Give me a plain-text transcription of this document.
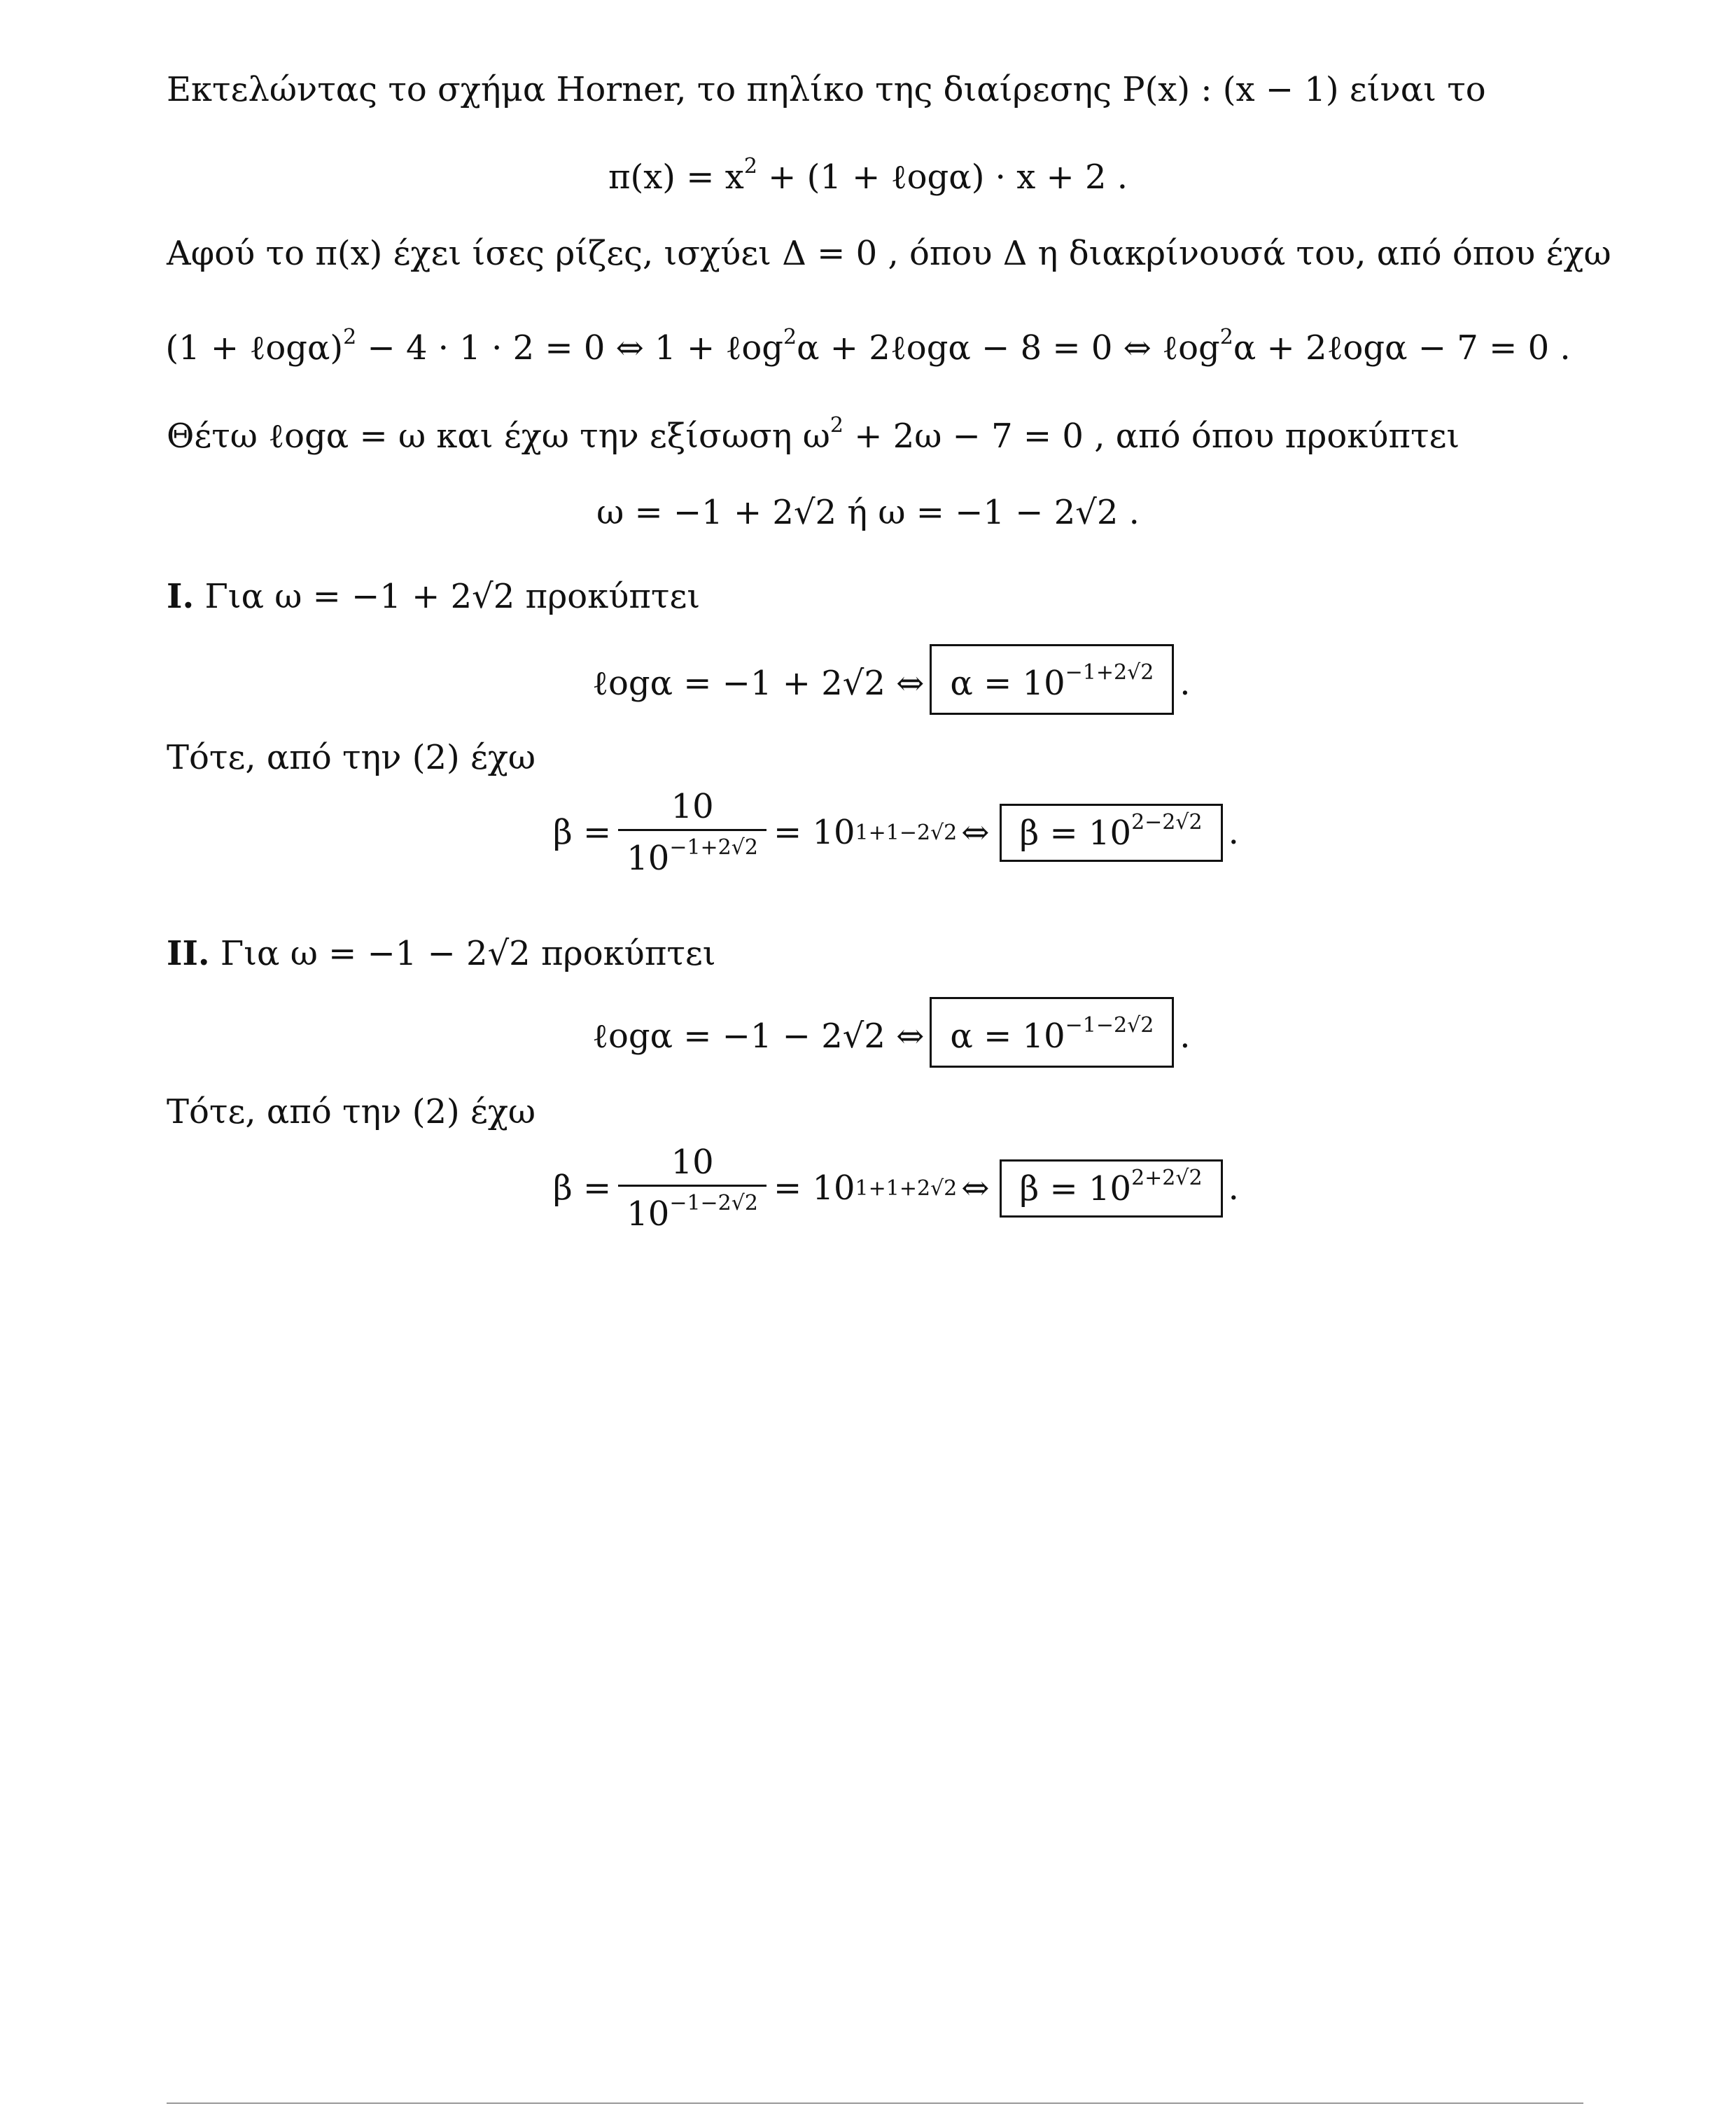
Εκτελώντας το σχήμα Horner, το πηλίκο της διαίρεσης P(x) : (x − 1) είναι το
$\pi(x) = x^2 + (1$ + ℓogα) · x + 2 .
Αφού το π(x) έχει ίσες ρίζες, ισχύει Δ = 0 , όπου Δ η διακρίνουσά του, από όπου έχω
(1 + ℓogα)$^2$ − 4 · 1 · 2 = 0 ⇔ 1 + ℓog$^2$α + 2ℓogα − 8 = 0 ⇔ ℓog$^2$α + 2ℓogα − 7 = 0 .
Θέτω ℓogα = ω και έχω την εξίσωση $\omega^2 + 2\omega - 7 = 0$ , από όπου προκύπτει
ω = −1 + 2√2 ή ω = −1 − 2√2 .
I. Για ω = −1 + 2√2 προκύπτει
ℓogα = −1 + 2√2 ⇔ $\alpha = 10^{-1+2√2}$ .
Τότε, από την (2) έχω
$\beta = \frac{10}{10^{-1+2√2}} = 10$ 1+1−2√2 ⇔ $\beta = 10^{2-2√2}$ .
II. Για ω = −1 − 2√2 προκύπτει
ℓogα = −1 − 2√2 ⇔ $\alpha = 10^{-1-2√2}$ .
Τότε, από την (2) έχω
$\beta = \frac{10}{10^{-1-2√2}} = 10$ 1+1+2√2 ⇔ $\beta = 10^{2+2√2}$ .
